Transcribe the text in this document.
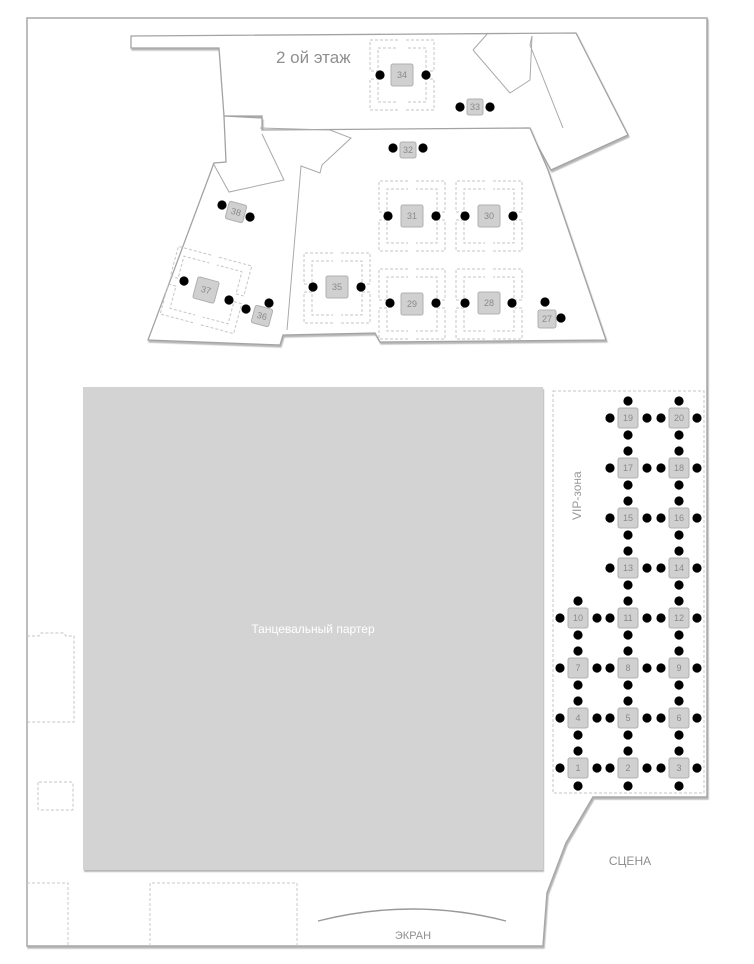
2 ой этаж
Танцевальный партер
VIP-зона
СЦЕНА
ЭКРАН
1	2	3
4	5	6
7	8	9
10	11	12
13	14
15	16
17	18
19	20
27
28
29
30
31
32
33
34
35
36
37
38
